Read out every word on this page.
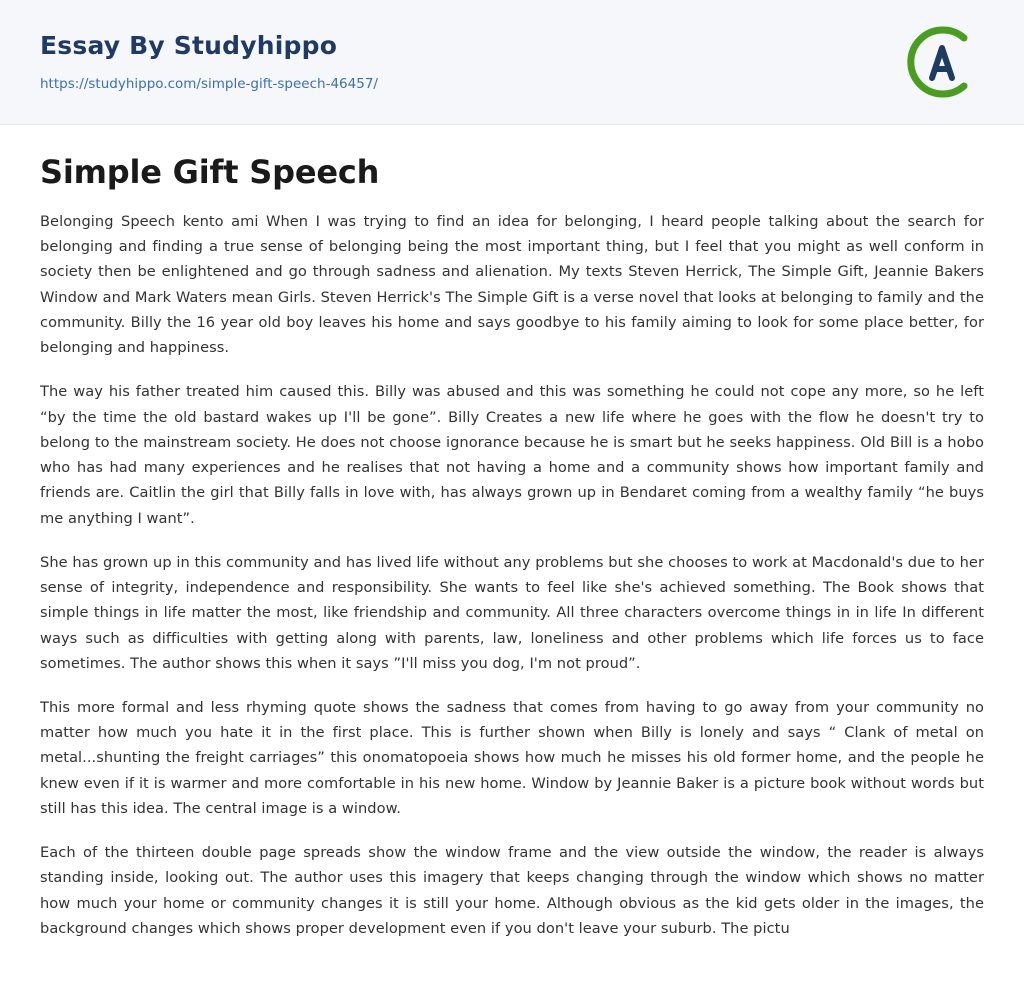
Essay By Studyhippo
https://studyhippo.com/simple-gift-speech-46457/
Simple Gift Speech

Belonging Speech kento ami When I was trying to find an idea for belonging, I heard people talking about the search for belonging and finding a true sense of belonging being the most important thing, but I feel that you might as well conform in society then be enlightened and go through sadness and alienation. My texts Steven Herrick, The Simple Gift, Jeannie Bakers Window and Mark Waters mean Girls. Steven Herrick's The Simple Gift is a verse novel that looks at belonging to family and the community. Billy the 16 year old boy leaves his home and says goodbye to his family aiming to look for some place better, for belonging and happiness.

The way his father treated him caused this. Billy was abused and this was something he could not cope any more, so he left “by the time the old bastard wakes up I'll be gone”. Billy Creates a new life where he goes with the flow he doesn't try to belong to the mainstream society. He does not choose ignorance because he is smart but he seeks happiness. Old Bill is a hobo who has had many experiences and he realises that not having a home and a community shows how important family and friends are. Caitlin the girl that Billy falls in love with, has always grown up in Bendaret coming from a wealthy family “he buys me anything I want”.

She has grown up in this community and has lived life without any problems but she chooses to work at Macdonald's due to her sense of integrity, independence and responsibility. She wants to feel like she's achieved something. The Book shows that simple things in life matter the most, like friendship and community. All three characters overcome things in in life In different ways such as difficulties with getting along with parents, law, loneliness and other problems which life forces us to face sometimes. The author shows this when it says ”I'll miss you dog, I'm not proud”.

This more formal and less rhyming quote shows the sadness that comes from having to go away from your community no matter how much you hate it in the first place. This is further shown when Billy is lonely and says “ Clank of metal on metal...shunting the freight carriages” this onomatopoeia shows how much he misses his old former home, and the people he knew even if it is warmer and more comfortable in his new home. Window by Jeannie Baker is a picture book without words but still has this idea. The central image is a window.

Each of the thirteen double page spreads show the window frame and the view outside the window, the reader is always standing inside, looking out. The author uses this imagery that keeps changing through the window which shows no matter how much your home or community changes it is still your home. Although obvious as the kid gets older in the images, the background changes which shows proper development even if you don't leave your suburb. The pictu
